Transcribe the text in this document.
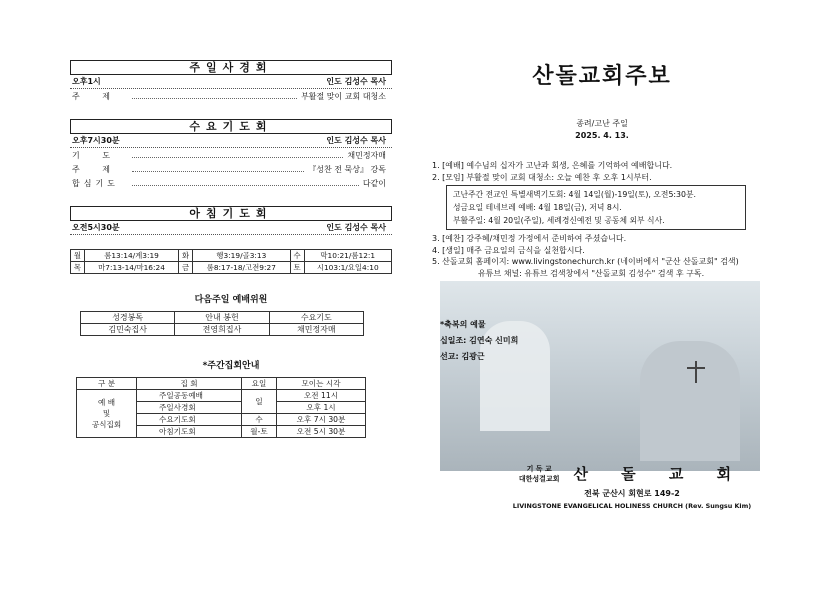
주일사경회
오후1시	인도 김성수 목사
주 제	부활절 맞이 교회 대청소
수요기도회
오후7시30분	인도 김성수 목사
기 도	채민정자매
주 제	『성찬 전 묵상』 강독
합심기도	다같이
아침기도회
오전5시30분	인도 김성수 목사
월	롬13:14/계3:19	화	행3:19/골3:13	수	막10:21/롬12:1
목	마7:13-14/마16:24	금	롬8:17-18/고전9:27	토	시103:1/요일4:10
다음주일 예배위원
성경봉독	안내 봉헌	수요기도
김민숙집사	전영희집사	채민정자매
*주간집회안내
구 분	집 회	요일	모이는 시각
예 배
및
공식집회	주일공동예배	일	오전 11시
	주일사경회		오후 1시
	수요기도회	수	오후 7시 30분
	아침기도회	월-토	오전 5시 30분
산돌교회주보
종려/고난 주일
2025. 4. 13.
1. [예배] 예수님의 십자가 고난과 회생, 은혜를 기억하여 예배합니다.
2. [모임] 부활절 맞이 교회 대청소: 오늘 예찬 후 오후 1시부터.
고난주간 전교인 특별새벽기도회: 4월 14일(월)-19일(토), 오전5:30분.
성금요일 테네브레 예배: 4월 18일(금), 저녁 8시.
부활주일: 4월 20일(주일), 세례경신예전 및 공동체 외부 식사.
3. [예찬] 강주혜/채민정 가정에서 준비하여 주셨습니다.
4. [생일] 매주 금요일의 금식을 실천합시다.
5. 산돌교회 홈페이지: www.livingstonechurch.kr (네이버에서 "군산 산돌교회" 검색)
유튜브 채널: 유튜브 검색창에서 "산돌교회 김성수" 검색 후 구독.
*축복의 예물
십일조: 김연숙 신미희
선교: 김광근
기 독 교
대한성결교회 산 돌 교 회
전북 군산시 회현로 149-2
LIVINGSTONE EVANGELICAL HOLINESS CHURCH (Rev. Sungsu Kim)
